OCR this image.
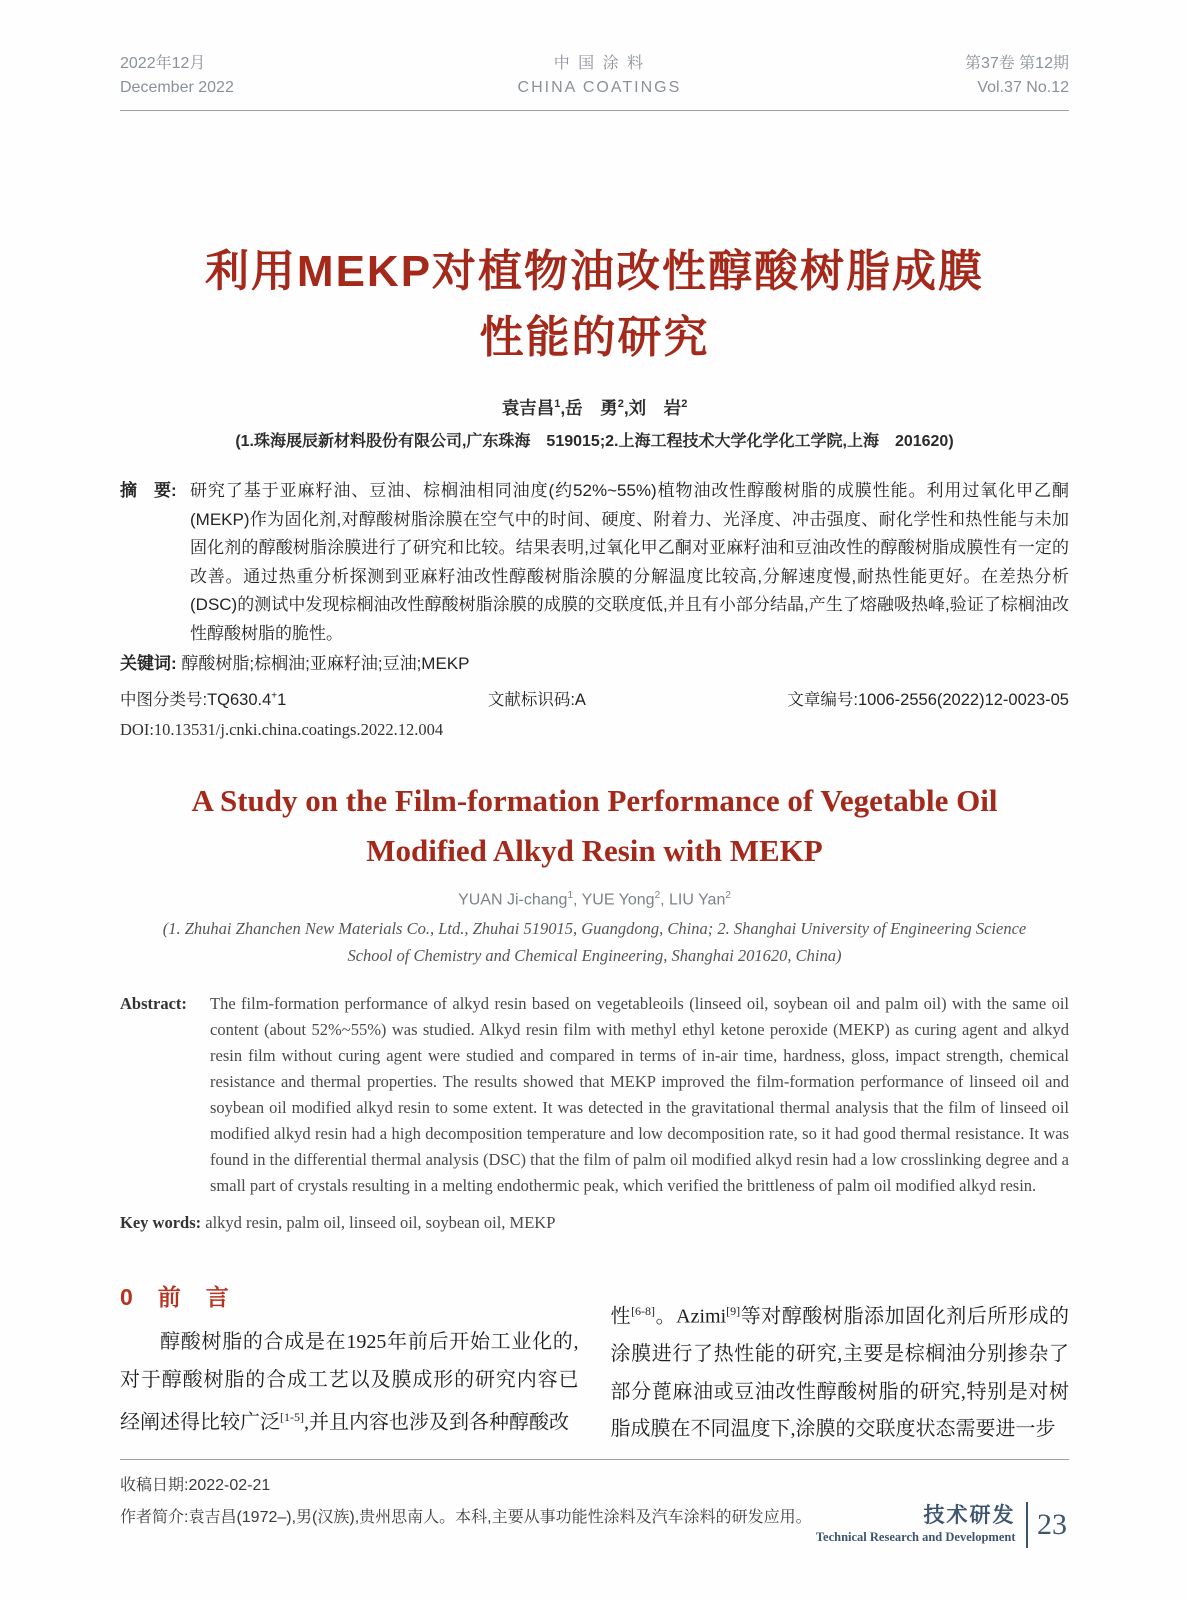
2022年12月
December 2022
中 国 涂 料
CHINA COATINGS
第37卷 第12期
Vol.37 No.12
利用MEKP对植物油改性醇酸树脂成膜
性能的研究
袁吉昌$^1$,岳　勇$^2$,刘　岩$^2$
(1.珠海展辰新材料股份有限公司,广东珠海　519015;2.上海工程技术大学化学化工学院,上海　201620)
摘　要: 研究了基于亚麻籽油、豆油、棕榈油相同油度(约52%~55%)植物油改性醇酸树脂的成膜性能。利用过氧化甲乙酮(MEKP)作为固化剂,对醇酸树脂涂膜在空气中的时间、硬度、附着力、光泽度、冲击强度、耐化学性和热性能与未加固化剂的醇酸树脂涂膜进行了研究和比较。结果表明,过氧化甲乙酮对亚麻籽油和豆油改性的醇酸树脂成膜性有一定的改善。通过热重分析探测到亚麻籽油改性醇酸树脂涂膜的分解温度比较高,分解速度慢,耐热性能更好。在差热分析(DSC)的测试中发现棕榈油改性醇酸树脂涂膜的成膜的交联度低,并且有小部分结晶,产生了熔融吸热峰,验证了棕榈油改性醇酸树脂的脆性。
关键词: 醇酸树脂;棕榈油;亚麻籽油;豆油;MEKP
中图分类号:TQ630.4+1	文献标识码:A	文章编号:1006-2556(2022)12-0023-05
DOI:10.13531/j.cnki.china.coatings.2022.12.004
A Study on the Film-formation Performance of Vegetable Oil
Modified Alkyd Resin with MEKP
YUAN Ji-chang$^1$, YUE Yong$^2$, LIU Yan$^2$
(1. Zhuhai Zhanchen New Materials Co., Ltd., Zhuhai 519015, Guangdong, China; 2. Shanghai University of Engineering Science
School of Chemistry and Chemical Engineering, Shanghai 201620, China)
Abstract: The film-formation performance of alkyd resin based on vegetableoils (linseed oil, soybean oil and palm oil) with the same oil content (about 52%~55%) was studied. Alkyd resin film with methyl ethyl ketone peroxide (MEKP) as curing agent and alkyd resin film without curing agent were studied and compared in terms of in-air time, hardness, gloss, impact strength, chemical resistance and thermal properties. The results showed that MEKP improved the film-formation performance of linseed oil and soybean oil modified alkyd resin to some extent. It was detected in the gravitational thermal analysis that the film of linseed oil modified alkyd resin had a high decomposition temperature and low decomposition rate, so it had good thermal resistance. It was found in the differential thermal analysis (DSC) that the film of palm oil modified alkyd resin had a low crosslinking degree and a small part of crystals resulting in a melting endothermic peak, which verified the brittleness of palm oil modified alkyd resin.
Key words: alkyd resin, palm oil, linseed oil, soybean oil, MEKP
0　前　言

醇酸树脂的合成是在1925年前后开始工业化的,对于醇酸树脂的合成工艺以及膜成形的研究内容已经阐述得比较广泛[1-5],并且内容也涉及到各种醇酸改

性[6-8]。Azimi[9]等对醇酸树脂添加固化剂后所形成的涂膜进行了热性能的研究,主要是棕榈油分别掺杂了部分蓖麻油或豆油改性醇酸树脂的研究,特别是对树脂成膜在不同温度下,涂膜的交联度状态需要进一步

收稿日期:2022-02-21
作者简介:袁吉昌(1972–),男(汉族),贵州思南人。本科,主要从事功能性涂料及汽车涂料的研发应用。	技术研发
Technical Research and Development 23
